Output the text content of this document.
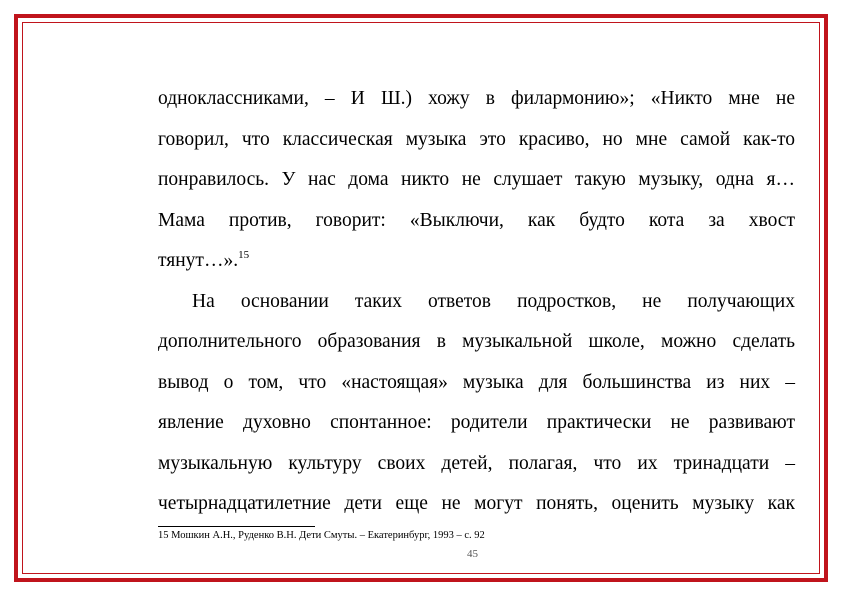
одноклассниками, – И Ш.) хожу в филармонию»; «Никто мне не
говорил, что классическая музыка это красиво, но мне самой как-то
понравилось. У нас дома никто не слушает такую музыку, одна я…
Мама против, говорит: «Выключи, как будто кота за хвост
тянут…».$^{15}$
На основании таких ответов подростков, не получающих
дополнительного образования в музыкальной школе, можно сделать
вывод о том, что «настоящая» музыка для большинства из них –
явление духовно спонтанное: родители практически не развивают
музыкальную культуру своих детей, полагая, что их тринадцати –
четырнадцатилетние дети еще не могут понять, оценить музыку как
15 Мошкин А.Н., Руденко В.Н. Дети Смуты. – Екатеринбург, 1993 – с. 92
45
